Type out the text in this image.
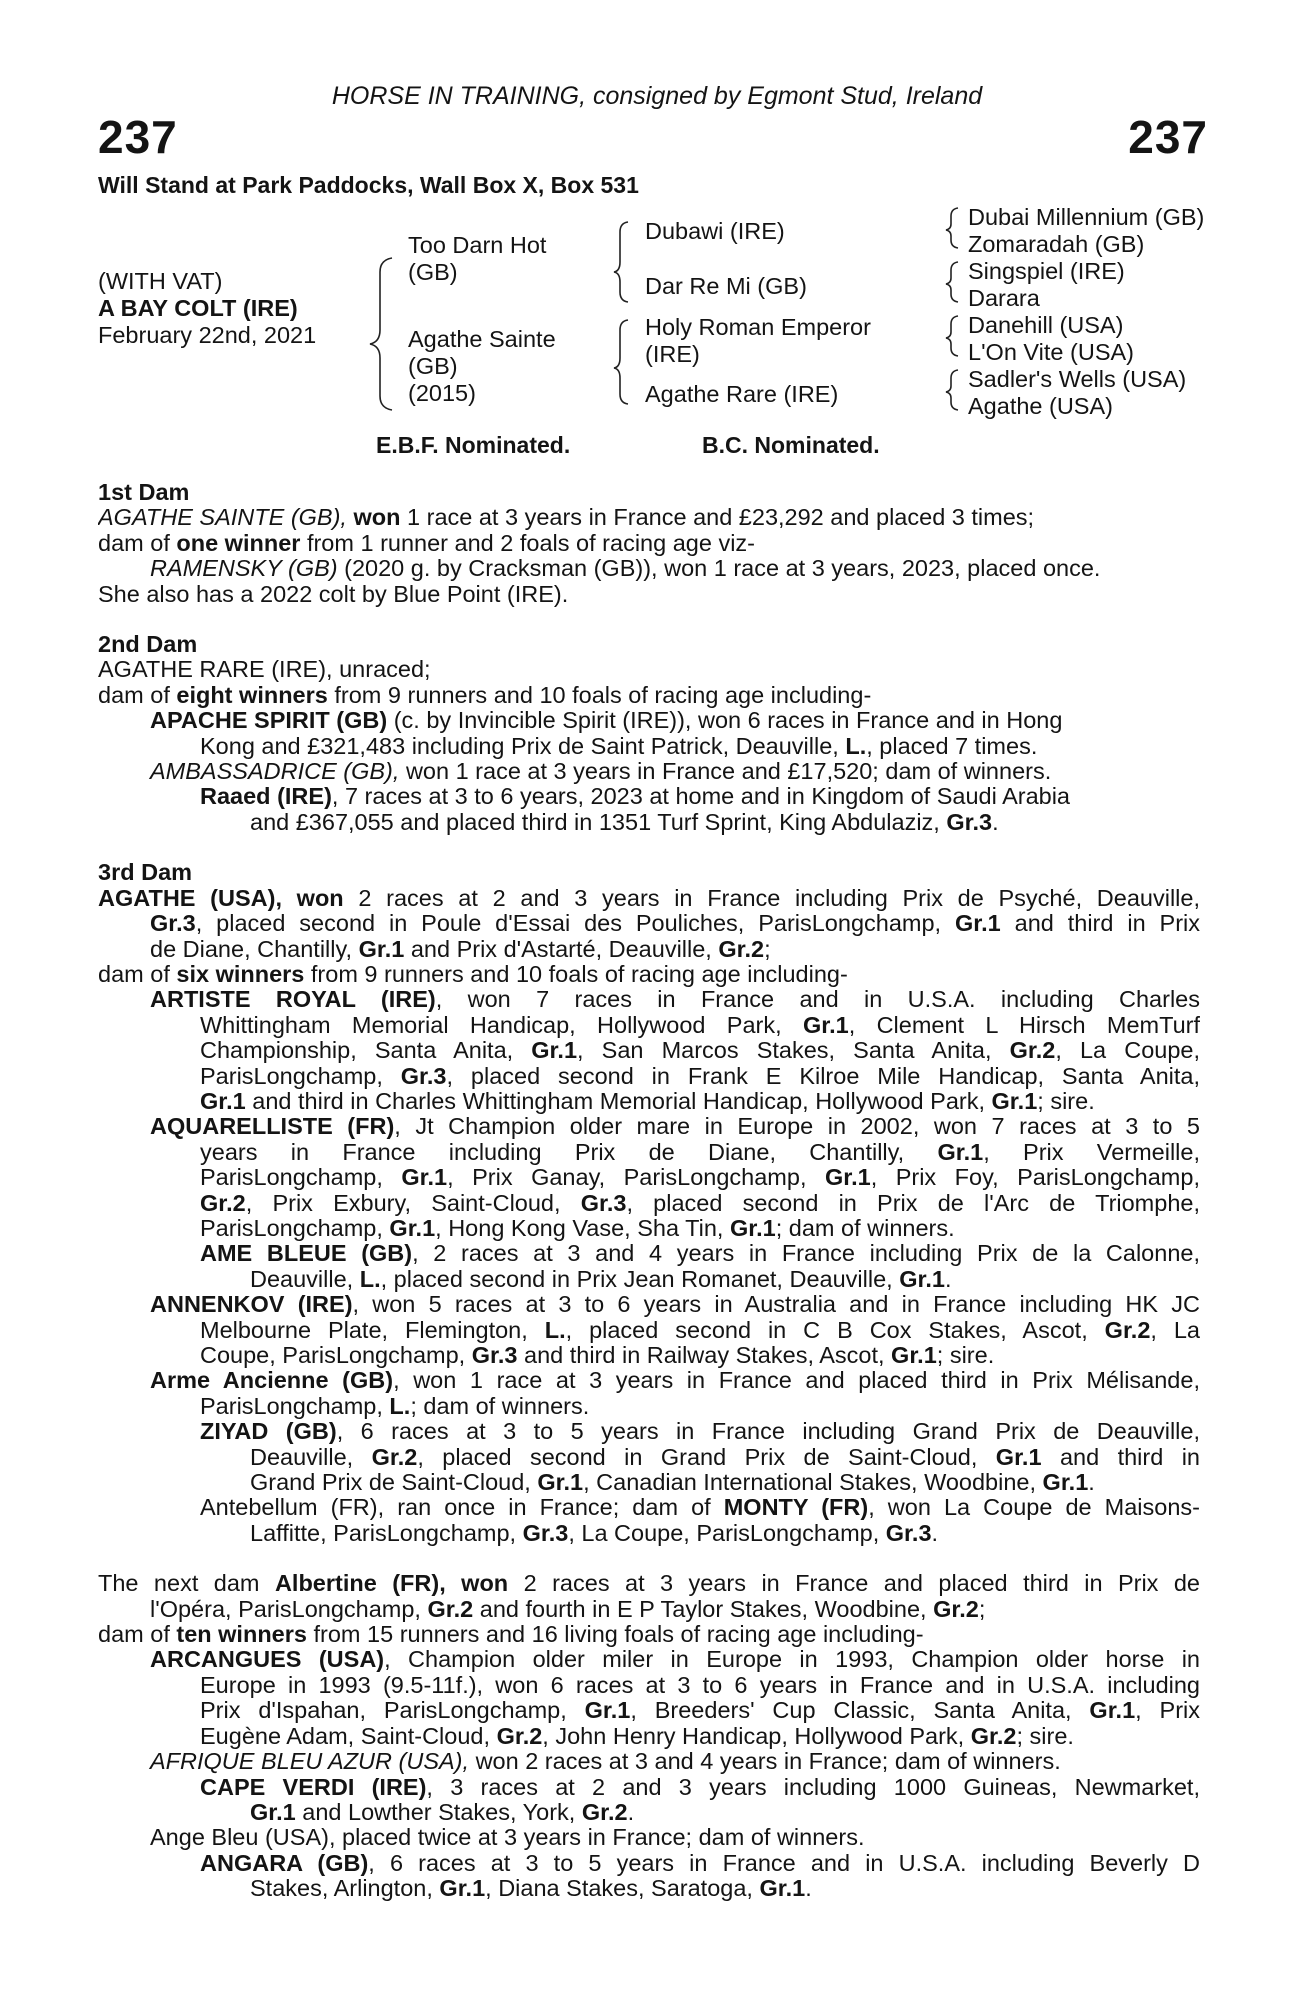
HORSE IN TRAINING, consigned by Egmont Stud, Ireland
237	237
Will Stand at Park Paddocks, Wall Box X, Box 531
(WITH VAT)
A BAY COLT (IRE)
February 22nd, 2021
Too Darn Hot
(GB)
Agathe Sainte
(GB)
(2015)
Dubawi (IRE)
Dar Re Mi (GB)
Holy Roman Emperor
(IRE)
Agathe Rare (IRE)
Dubai Millennium (GB)
Zomaradah (GB)
Singspiel (IRE)
Darara
Danehill (USA)
L'On Vite (USA)
Sadler's Wells (USA)
Agathe (USA)
E.B.F. Nominated.	B.C. Nominated.
1st Dam
AGATHE SAINTE (GB), won 1 race at 3 years in France and £23,292 and placed 3 times;
dam of one winner from 1 runner and 2 foals of racing age viz-
RAMENSKY (GB) (2020 g. by Cracksman (GB)), won 1 race at 3 years, 2023, placed once.
She also has a 2022 colt by Blue Point (IRE).
2nd Dam
AGATHE RARE (IRE), unraced;
dam of eight winners from 9 runners and 10 foals of racing age including-
APACHE SPIRIT (GB) (c. by Invincible Spirit (IRE)), won 6 races in France and in Hong
Kong and £321,483 including Prix de Saint Patrick, Deauville, L., placed 7 times.
AMBASSADRICE (GB), won 1 race at 3 years in France and £17,520; dam of winners.
Raaed (IRE), 7 races at 3 to 6 years, 2023 at home and in Kingdom of Saudi Arabia
and £367,055 and placed third in 1351 Turf Sprint, King Abdulaziz, Gr.3.
3rd Dam
AGATHE (USA), won 2 races at 2 and 3 years in France including Prix de Psyché, Deauville,
Gr.3, placed second in Poule d'Essai des Pouliches, ParisLongchamp, Gr.1 and third in Prix
de Diane, Chantilly, Gr.1 and Prix d'Astarté, Deauville, Gr.2;
dam of six winners from 9 runners and 10 foals of racing age including-
ARTISTE ROYAL (IRE), won 7 races in France and in U.S.A. including Charles
Whittingham Memorial Handicap, Hollywood Park, Gr.1, Clement L Hirsch MemTurf
Championship, Santa Anita, Gr.1, San Marcos Stakes, Santa Anita, Gr.2, La Coupe,
ParisLongchamp, Gr.3, placed second in Frank E Kilroe Mile Handicap, Santa Anita,
Gr.1 and third in Charles Whittingham Memorial Handicap, Hollywood Park, Gr.1; sire.
AQUARELLISTE (FR), Jt Champion older mare in Europe in 2002, won 7 races at 3 to 5
years in France including Prix de Diane, Chantilly, Gr.1, Prix Vermeille,
ParisLongchamp, Gr.1, Prix Ganay, ParisLongchamp, Gr.1, Prix Foy, ParisLongchamp,
Gr.2, Prix Exbury, Saint-Cloud, Gr.3, placed second in Prix de l'Arc de Triomphe,
ParisLongchamp, Gr.1, Hong Kong Vase, Sha Tin, Gr.1; dam of winners.
AME BLEUE (GB), 2 races at 3 and 4 years in France including Prix de la Calonne,
Deauville, L., placed second in Prix Jean Romanet, Deauville, Gr.1.
ANNENKOV (IRE), won 5 races at 3 to 6 years in Australia and in France including HK JC
Melbourne Plate, Flemington, L., placed second in C B Cox Stakes, Ascot, Gr.2, La
Coupe, ParisLongchamp, Gr.3 and third in Railway Stakes, Ascot, Gr.1; sire.
Arme Ancienne (GB), won 1 race at 3 years in France and placed third in Prix Mélisande,
ParisLongchamp, L.; dam of winners.
ZIYAD (GB), 6 races at 3 to 5 years in France including Grand Prix de Deauville,
Deauville, Gr.2, placed second in Grand Prix de Saint-Cloud, Gr.1 and third in
Grand Prix de Saint-Cloud, Gr.1, Canadian International Stakes, Woodbine, Gr.1.
Antebellum (FR), ran once in France; dam of MONTY (FR), won La Coupe de Maisons-
Laffitte, ParisLongchamp, Gr.3, La Coupe, ParisLongchamp, Gr.3.
The next dam Albertine (FR), won 2 races at 3 years in France and placed third in Prix de
l'Opéra, ParisLongchamp, Gr.2 and fourth in E P Taylor Stakes, Woodbine, Gr.2;
dam of ten winners from 15 runners and 16 living foals of racing age including-
ARCANGUES (USA), Champion older miler in Europe in 1993, Champion older horse in
Europe in 1993 (9.5-11f.), won 6 races at 3 to 6 years in France and in U.S.A. including
Prix d'Ispahan, ParisLongchamp, Gr.1, Breeders' Cup Classic, Santa Anita, Gr.1, Prix
Eugène Adam, Saint-Cloud, Gr.2, John Henry Handicap, Hollywood Park, Gr.2; sire.
AFRIQUE BLEU AZUR (USA), won 2 races at 3 and 4 years in France; dam of winners.
CAPE VERDI (IRE), 3 races at 2 and 3 years including 1000 Guineas, Newmarket,
Gr.1 and Lowther Stakes, York, Gr.2.
Ange Bleu (USA), placed twice at 3 years in France; dam of winners.
ANGARA (GB), 6 races at 3 to 5 years in France and in U.S.A. including Beverly D
Stakes, Arlington, Gr.1, Diana Stakes, Saratoga, Gr.1.
